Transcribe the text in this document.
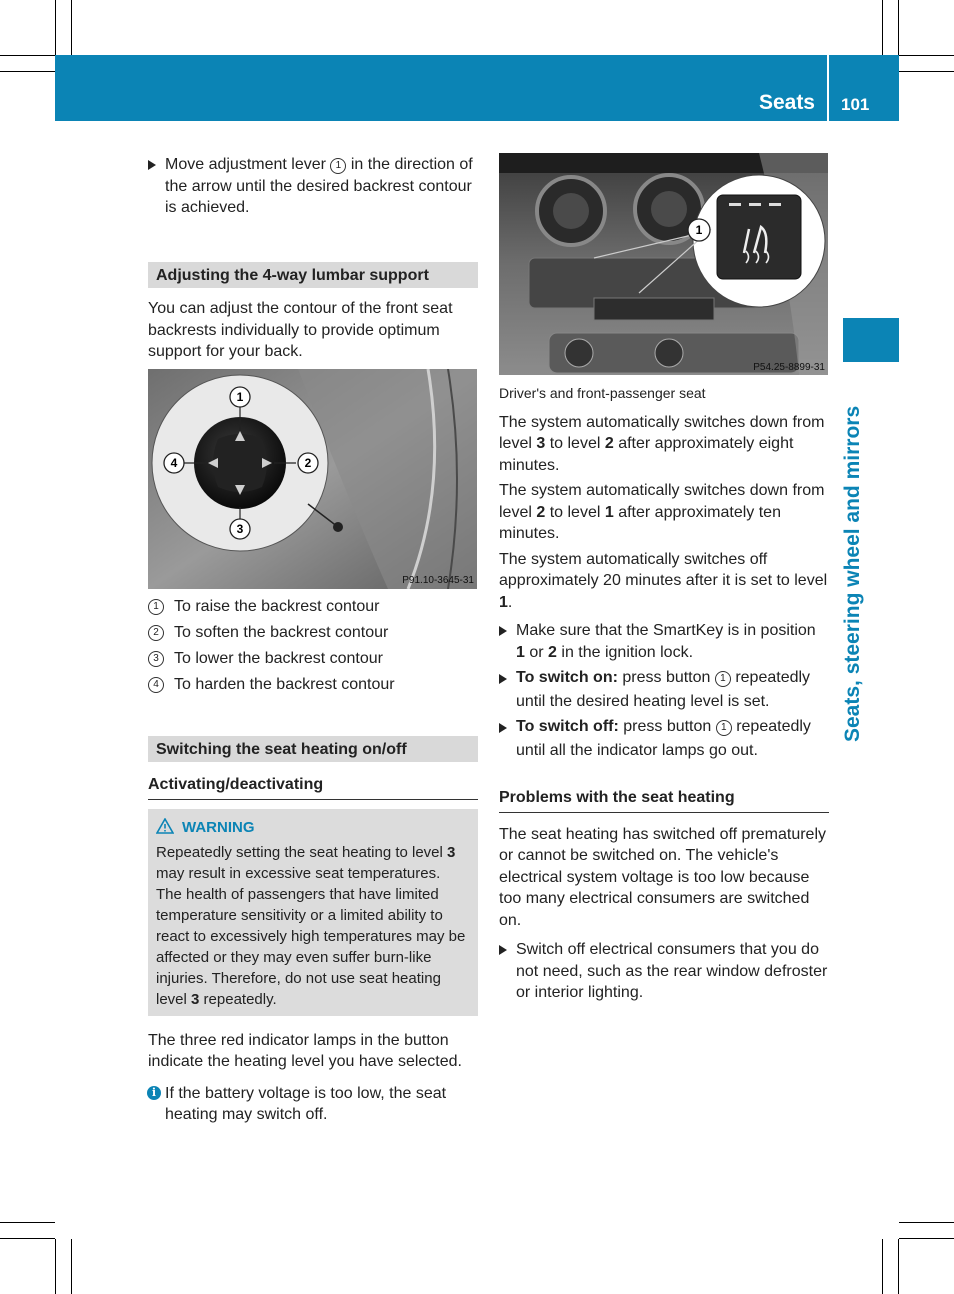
Seats 101
Seats, steering wheel and mirrors

Move adjustment lever 1 in the direction of the arrow until the desired backrest contour is achieved.

Adjusting the 4-way lumbar support

You can adjust the contour of the front seat backrests individually to provide optimum support for your back.

1
2
3
4
P91.10-3645-31
1 To raise the backrest contour
2 To soften the backrest contour
3 To lower the backrest contour
4 To harden the backrest contour
Switching the seat heating on/off
Activating/deactivating
WARNING

Repeatedly setting the seat heating to level 3 may result in excessive seat temperatures. The health of passengers that have limited temperature sensitivity or a limited ability to react to excessively high temperatures may be affected or they may even suffer burn-like injuries. Therefore, do not use seat heating level 3 repeatedly.

The three red indicator lamps in the button indicate the heating level you have selected.

i If the battery voltage is too low, the seat heating may switch off.

1
P54.25-8899-31

Driver's and front-passenger seat

The system automatically switches down from level 3 to level 2 after approximately eight minutes.

The system automatically switches down from level 2 to level 1 after approximately ten minutes.

The system automatically switches off approximately 20 minutes after it is set to level 1.

Make sure that the SmartKey is in position 1 or 2 in the ignition lock.

To switch on: press button 1 repeatedly until the desired heating level is set.

To switch off: press button 1 repeatedly until all the indicator lamps go out.

Problems with the seat heating

The seat heating has switched off prematurely or cannot be switched on. The vehicle's electrical system voltage is too low because too many electrical consumers are switched on.

Switch off electrical consumers that you do not need, such as the rear window defroster or interior lighting.
